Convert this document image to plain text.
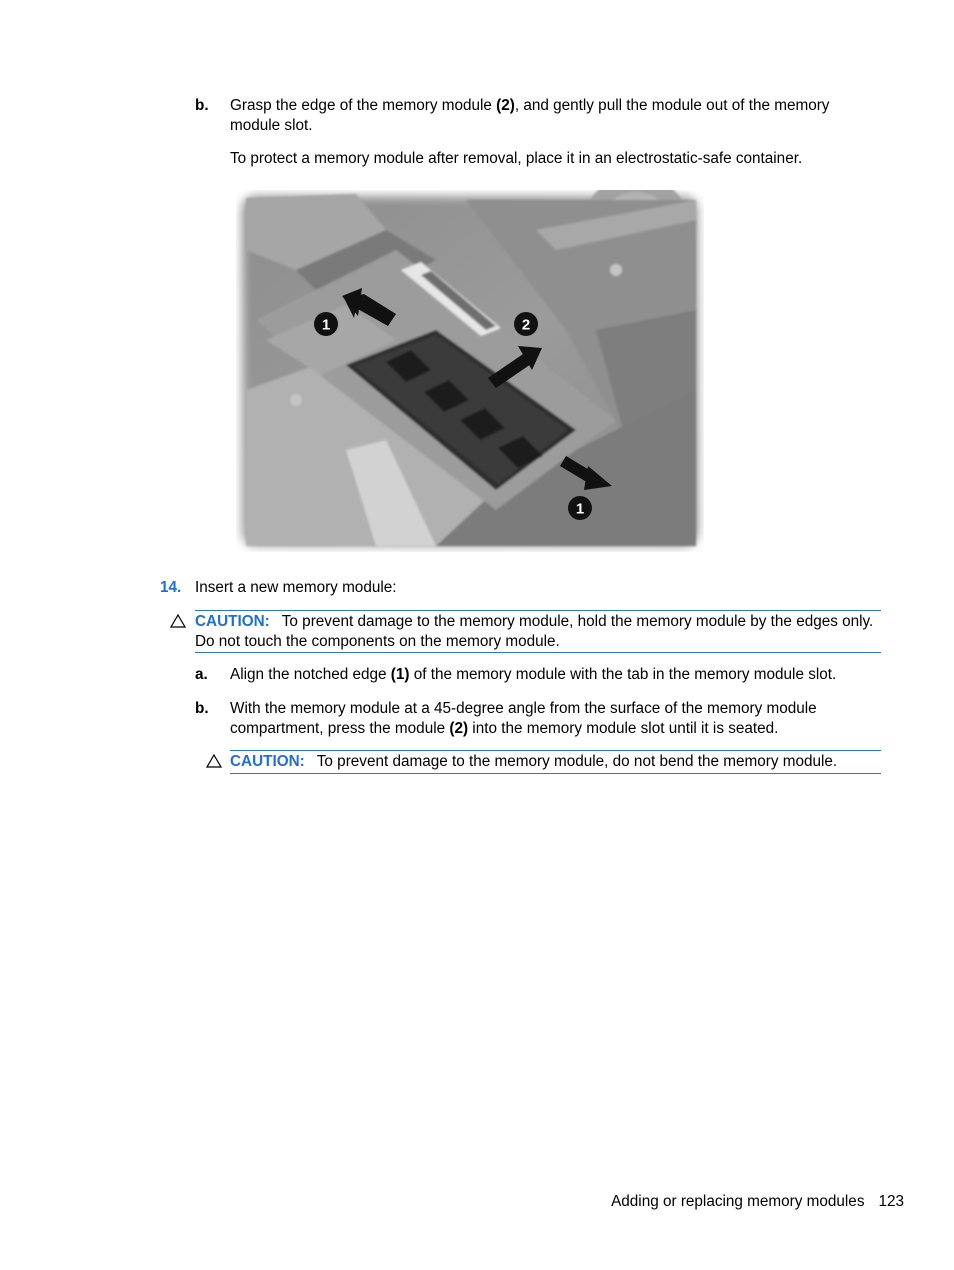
b. Grasp the edge of the memory module (2), and gently pull the module out of the memory module slot.
To protect a memory module after removal, place it in an electrostatic-safe container.
1	2
1
14. Insert a new memory module:
CAUTION: To prevent damage to the memory module, hold the memory module by the edges only. Do not touch the components on the memory module.
a. Align the notched edge (1) of the memory module with the tab in the memory module slot.
b. With the memory module at a 45-degree angle from the surface of the memory module compartment, press the module (2) into the memory module slot until it is seated.
CAUTION: To prevent damage to the memory module, do not bend the memory module.
Adding or replacing memory modules 123
